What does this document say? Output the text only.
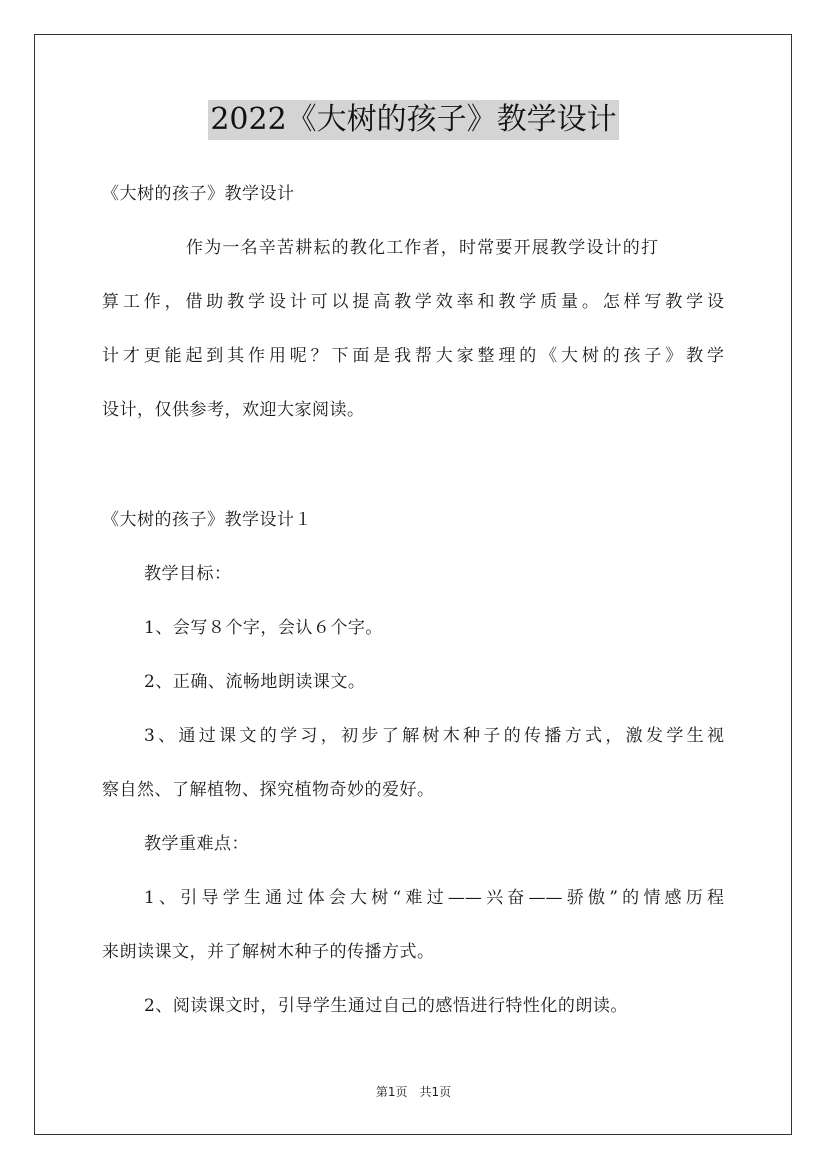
2022《大树的孩子》教学设计
《大树的孩子》教学设计
作为一名辛苦耕耘的教化工作者，时常要开展教学设计的打
算工作，借助教学设计可以提高教学效率和教学质量。怎样写教学设
计才更能起到其作用呢？下面是我帮大家整理的《大树的孩子》教学
设计，仅供参考，欢迎大家阅读。
《大树的孩子》教学设计１
教学目标：
1、会写８个字，会认６个字。
2、正确、流畅地朗读课文。
3、通过课文的学习，初步了解树木种子的传播方式，激发学生视
察自然、了解植物、探究植物奇妙的爱好。
教学重难点：
1、引导学生通过体会大树“难过——兴奋——骄傲”的情感历程
来朗读课文，并了解树木种子的传播方式。
2、阅读课文时，引导学生通过自己的感悟进行特性化的朗读。
第1页　共1页
